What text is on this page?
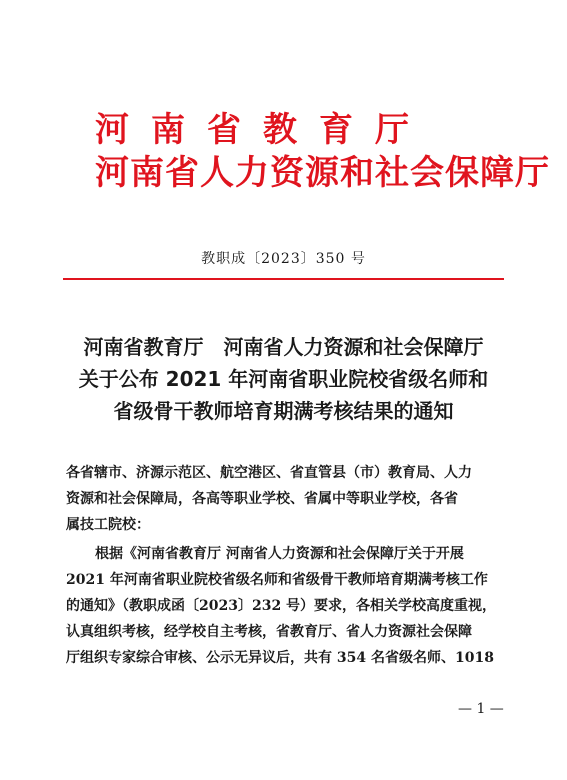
河南省教育厅
河南省人力资源和社会保障厅
教职成〔2023〕350 号
河南省教育厅　河南省人力资源和社会保障厅
关于公布 2021 年河南省职业院校省级名师和
省级骨干教师培育期满考核结果的通知
各省辖市、济源示范区、航空港区、省直管县（市）教育局、人力
资源和社会保障局，各高等职业学校、省属中等职业学校，各省
属技工院校：
根据《河南省教育厅 河南省人力资源和社会保障厅关于开展
2021 年河南省职业院校省级名师和省级骨干教师培育期满考核工作
的通知》（教职成函〔2023〕232 号）要求，各相关学校高度重视，
认真组织考核，经学校自主考核，省教育厅、省人力资源社会保障
厅组织专家综合审核、公示无异议后，共有 354 名省级名师、1018
— 1 —
